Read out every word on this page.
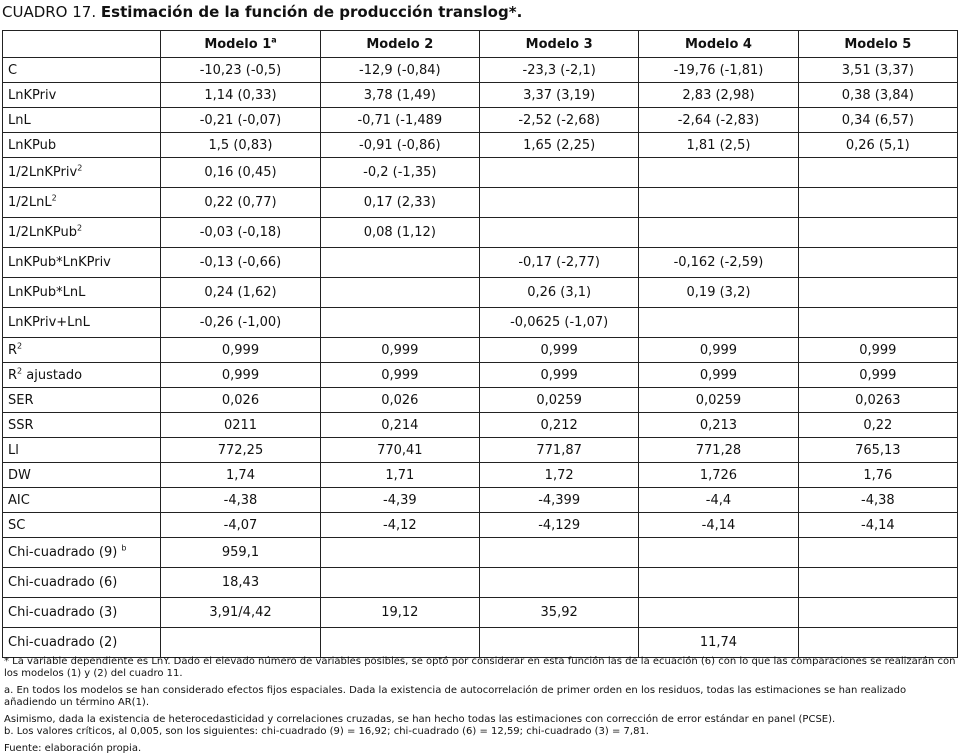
CUADRO 17. Estimación de la función de producción translog*.
	Modelo 1$^a$	Modelo 2	Modelo 3	Modelo 4	Modelo 5
C	-10,23 (-0,5)	-12,9 (-0,84)	-23,3 (-2,1)	-19,76 (-1,81)	3,51 (3,37)
LnKPriv	1,14 (0,33)	3,78 (1,49)	3,37 (3,19)	2,83 (2,98)	0,38 (3,84)
LnL	-0,21 (-0,07)	-0,71 (-1,489	-2,52 (-2,68)	-2,64 (-2,83)	0,34 (6,57)
LnKPub	1,5 (0,83)	-0,91 (-0,86)	1,65 (2,25)	1,81 (2,5)	0,26 (5,1)
1/2LnKPriv$^2$	0,16 (0,45)	-0,2 (-1,35)			
1/2LnL$^2$	0,22 (0,77)	0,17 (2,33)			
1/2LnKPub$^2$	-0,03 (-0,18)	0,08 (1,12)			
LnKPub*LnKPriv	-0,13 (-0,66)		-0,17 (-2,77)	-0,162 (-2,59)	
LnKPub*LnL	0,24 (1,62)		0,26 (3,1)	0,19 (3,2)	
LnKPriv+LnL	-0,26 (-1,00)		-0,0625 (-1,07)		
$R^2$	0,999	0,999	0,999	0,999	0,999
$R^2$ ajustado	0,999	0,999	0,999	0,999	0,999
SER	0,026	0,026	0,0259	0,0259	0,0263
SSR	0211	0,214	0,212	0,213	0,22
Ll	772,25	770,41	771,87	771,28	765,13
DW	1,74	1,71	1,72	1,726	1,76
AIC	-4,38	-4,39	-4,399	-4,4	-4,38
SC	-4,07	-4,12	-4,129	-4,14	-4,14
Chi-cuadrado (9) $^b$	959,1				
Chi-cuadrado (6)	18,43				
Chi-cuadrado (3)	3,91/4,42	19,12	35,92		
Chi-cuadrado (2)				11,74	

* La variable dependiente es LnY. Dado el elevado número de variables posibles, se optó por considerar en esta función las de la ecuación (6) con lo que las comparaciones se realizarán con los modelos (1) y (2) del cuadro 11.

a. En todos los modelos se han considerado efectos fijos espaciales. Dada la existencia de autocorrelación de primer orden en los residuos, todas las estimaciones se han realizado añadiendo un término AR(1).

Asimismo, dada la existencia de heterocedasticidad y correlaciones cruzadas, se han hecho todas las estimaciones con corrección de error estándar en panel (PCSE).

b. Los valores críticos, al 0,005, son los siguientes: chi-cuadrado (9) = 16,92; chi-cuadrado (6) = 12,59; chi-cuadrado (3) = 7,81.

Fuente: elaboración propia.
